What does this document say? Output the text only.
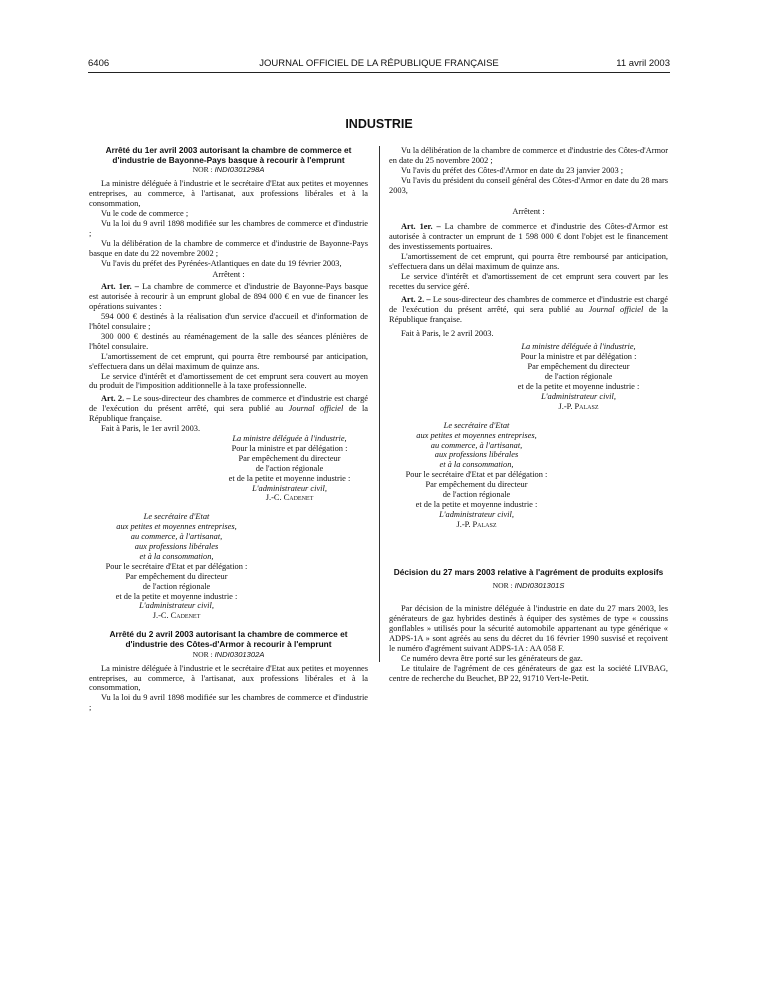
6406	JOURNAL OFFICIEL DE LA RÉPUBLIQUE FRANÇAISE	11 avril 2003
INDUSTRIE

Arrêté du 1er avril 2003 autorisant la chambre de commerce et d'industrie de Bayonne-Pays basque à recourir à l'emprunt

NOR : INDI0301298A

La ministre déléguée à l'industrie et le secrétaire d'Etat aux petites et moyennes entreprises, au commerce, à l'artisanat, aux professions libérales et à la consommation,

Vu le code de commerce ;

Vu la loi du 9 avril 1898 modifiée sur les chambres de commerce et d'industrie ;

Vu la délibération de la chambre de commerce et d'industrie de Bayonne-Pays basque en date du 22 novembre 2002 ;

Vu l'avis du préfet des Pyrénées-Atlantiques en date du 19 février 2003,

Arrêtent :

Art. 1er. – La chambre de commerce et d'industrie de Bayonne-Pays basque est autorisée à recourir à un emprunt global de 894 000 € en vue de financer les opérations suivantes :

594 000 € destinés à la réalisation d'un service d'accueil et d'information de l'hôtel consulaire ;

300 000 € destinés au réaménagement de la salle des séances plénières de l'hôtel consulaire.

L'amortissement de cet emprunt, qui pourra être remboursé par anticipation, s'effectuera dans un délai maximum de quinze ans.

Le service d'intérêt et d'amortissement de cet emprunt sera couvert au moyen du produit de l'imposition additionnelle à la taxe professionnelle.

Art. 2. – Le sous-directeur des chambres de commerce et d'industrie est chargé de l'exécution du présent arrêté, qui sera publié au Journal officiel de la République française.

Fait à Paris, le 1er avril 2003.

La ministre déléguée à l'industrie,

Pour la ministre et par délégation :

Par empêchement du directeur

de l'action régionale

et de la petite et moyenne industrie :

L'administrateur civil,

J.-C. Cadenet

Le secrétaire d'Etat

aux petites et moyennes entreprises,

au commerce, à l'artisanat,

aux professions libérales

et à la consommation,

Pour le secrétaire d'Etat et par délégation :

Par empêchement du directeur

de l'action régionale

et de la petite et moyenne industrie :

L'administrateur civil,

J.-C. Cadenet

Arrêté du 2 avril 2003 autorisant la chambre de commerce et d'industrie des Côtes-d'Armor à recourir à l'emprunt

NOR : INDI0301302A

La ministre déléguée à l'industrie et le secrétaire d'Etat aux petites et moyennes entreprises, au commerce, à l'artisanat, aux professions libérales et à la consommation,

Vu la loi du 9 avril 1898 modifiée sur les chambres de commerce et d'industrie ;

Vu la délibération de la chambre de commerce et d'industrie des Côtes-d'Armor en date du 25 novembre 2002 ;

Vu l'avis du préfet des Côtes-d'Armor en date du 23 janvier 2003 ;

Vu l'avis du président du conseil général des Côtes-d'Armor en date du 28 mars 2003,

Arrêtent :

Art. 1er. – La chambre de commerce et d'industrie des Côtes-d'Armor est autorisée à contracter un emprunt de 1 598 000 € dont l'objet est le financement des investissements portuaires.

L'amortissement de cet emprunt, qui pourra être remboursé par anticipation, s'effectuera dans un délai maximum de quinze ans.

Le service d'intérêt et d'amortissement de cet emprunt sera couvert par les recettes du service géré.

Art. 2. – Le sous-directeur des chambres de commerce et d'industrie est chargé de l'exécution du présent arrêté, qui sera publié au Journal officiel de la République française.

Fait à Paris, le 2 avril 2003.

La ministre déléguée à l'industrie,

Pour la ministre et par délégation :

Par empêchement du directeur

de l'action régionale

et de la petite et moyenne industrie :

L'administrateur civil,

J.-P. Palasz

Le secrétaire d'Etat

aux petites et moyennes entreprises,

au commerce, à l'artisanat,

aux professions libérales

et à la consommation,

Pour le secrétaire d'Etat et par délégation :

Par empêchement du directeur

de l'action régionale

et de la petite et moyenne industrie :

L'administrateur civil,

J.-P. Palasz

Décision du 27 mars 2003 relative à l'agrément de produits explosifs

NOR : INDI0301301S

Par décision de la ministre déléguée à l'industrie en date du 27 mars 2003, les générateurs de gaz hybrides destinés à équiper des systèmes de type « coussins gonflables » utilisés pour la sécurité automobile appartenant au type générique « ADPS-1A » sont agréés au sens du décret du 16 février 1990 susvisé et reçoivent le numéro d'agrément suivant ADPS-1A : AA 058 F.

Ce numéro devra être porté sur les générateurs de gaz.

Le titulaire de l'agrément de ces générateurs de gaz est la société LIVBAG, centre de recherche du Beuchet, BP 22, 91710 Vert-le-Petit.
